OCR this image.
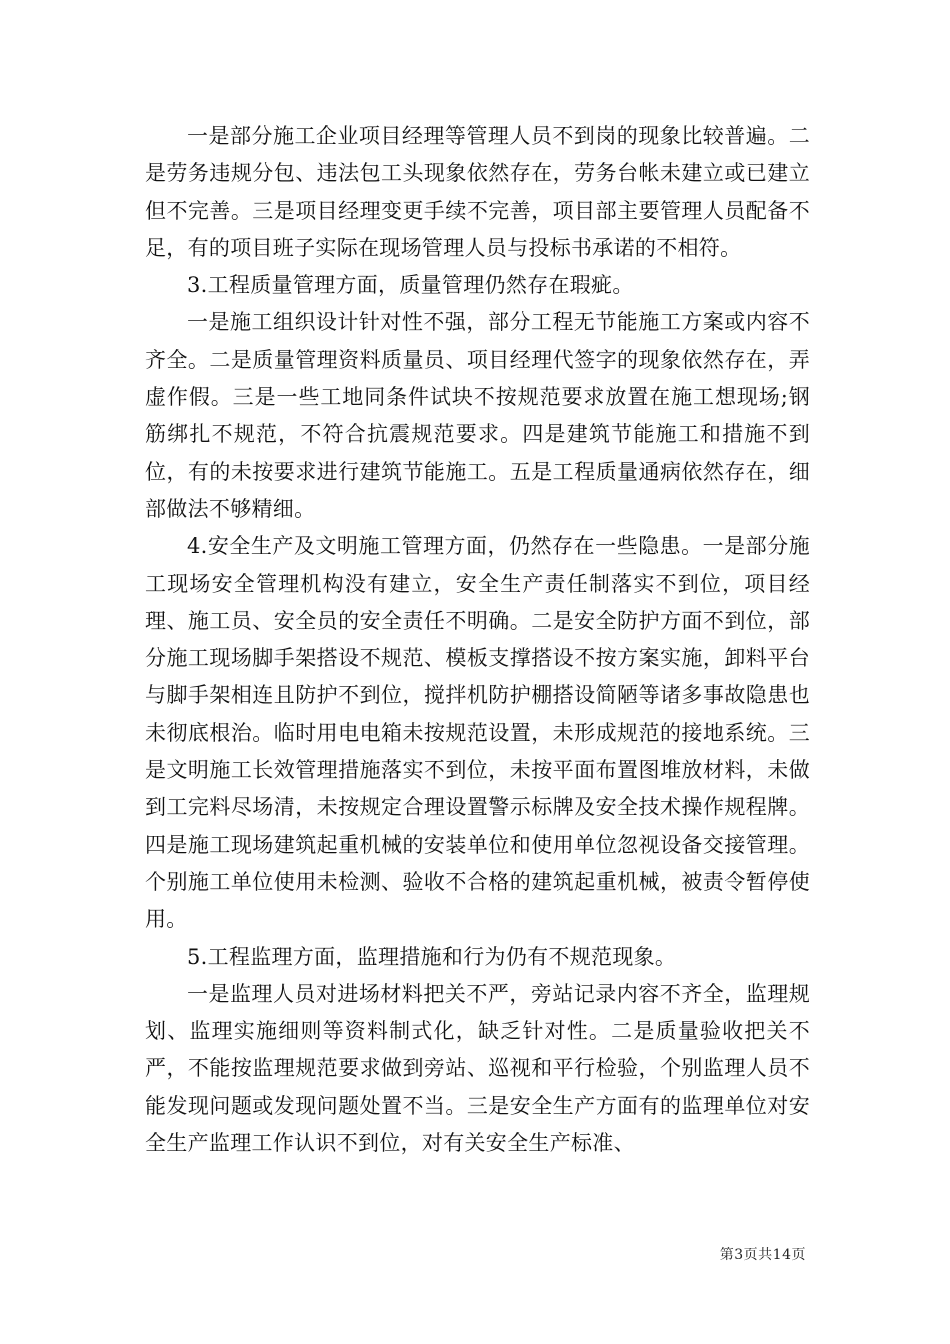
一是部分施工企业项目经理等管理人员不到岗的现象比较普遍。二是劳务违规分包、违法包工头现象依然存在，劳务台帐未建立或已建立但不完善。三是项目经理变更手续不完善，项目部主要管理人员配备不足，有的项目班子实际在现场管理人员与投标书承诺的不相符。

3.工程质量管理方面，质量管理仍然存在瑕疵。

一是施工组织设计针对性不强，部分工程无节能施工方案或内容不齐全。二是质量管理资料质量员、项目经理代签字的现象依然存在，弄虚作假。三是一些工地同条件试块不按规范要求放置在施工想现场;钢筋绑扎不规范，不符合抗震规范要求。四是建筑节能施工和措施不到位，有的未按要求进行建筑节能施工。五是工程质量通病依然存在，细部做法不够精细。

4.安全生产及文明施工管理方面，仍然存在一些隐患。一是部分施工现场安全管理机构没有建立，安全生产责任制落实不到位，项目经理、施工员、安全员的安全责任不明确。二是安全防护方面不到位，部分施工现场脚手架搭设不规范、模板支撑搭设不按方案实施，卸料平台与脚手架相连且防护不到位，搅拌机防护棚搭设简陋等诸多事故隐患也未彻底根治。临时用电电箱未按规范设置，未形成规范的接地系统。三是文明施工长效管理措施落实不到位，未按平面布置图堆放材料，未做到工完料尽场清，未按规定合理设置警示标牌及安全技术操作规程牌。四是施工现场建筑起重机械的安装单位和使用单位忽视设备交接管理。个别施工单位使用未检测、验收不合格的建筑起重机械，被责令暂停使用。

5.工程监理方面，监理措施和行为仍有不规范现象。

一是监理人员对进场材料把关不严，旁站记录内容不齐全，监理规划、监理实施细则等资料制式化，缺乏针对性。二是质量验收把关不严，不能按监理规范要求做到旁站、巡视和平行检验，个别监理人员不能发现问题或发现问题处置不当。三是安全生产方面有的监理单位对安全生产监理工作认识不到位，对有关安全生产标准、

第3页共14页
